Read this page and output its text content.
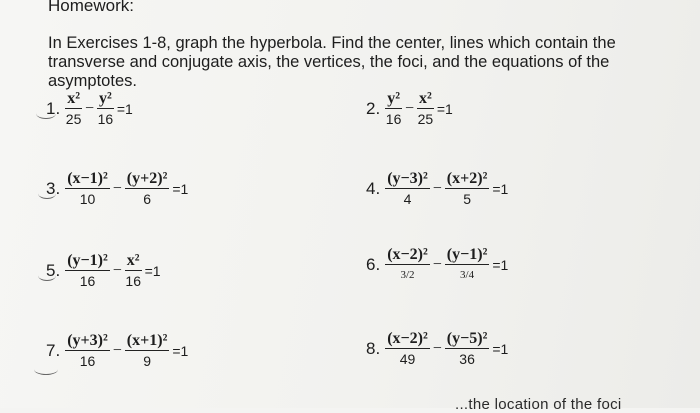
Homework:
In Exercises 1-8, graph the hyperbola. Find the center, lines which contain the transverse and conjugate axis, the vertices, the foci, and the equations of the asymptotes.
1. $\frac{\text{x²}}{25} - \frac{\text{y²}}{16} =1$	2. $\frac{\text{y²}}{16} - \frac{\text{x²}}{25} =1$
3. $\frac{\text{(x−1)²}}{10} - \frac{\text{(y+2)²}}{6} =1$	4. $\frac{\text{(y−3)²}}{4} - \frac{\text{(x+2)²}}{5} =1$
5. $\frac{\text{(y−1)²}}{16} - \frac{\text{x²}}{16} =1$	6. $\frac{\text{(x−2)²}}{3/2} - \frac{\text{(y−1)²}}{3/4} =1$
7. $\frac{\text{(y+3)²}}{16} - \frac{\text{(x+1)²}}{9} =1$	8. $\frac{\text{(x−2)²}}{49} - \frac{\text{(y−5)²}}{36} =1$
...the location of the foci
